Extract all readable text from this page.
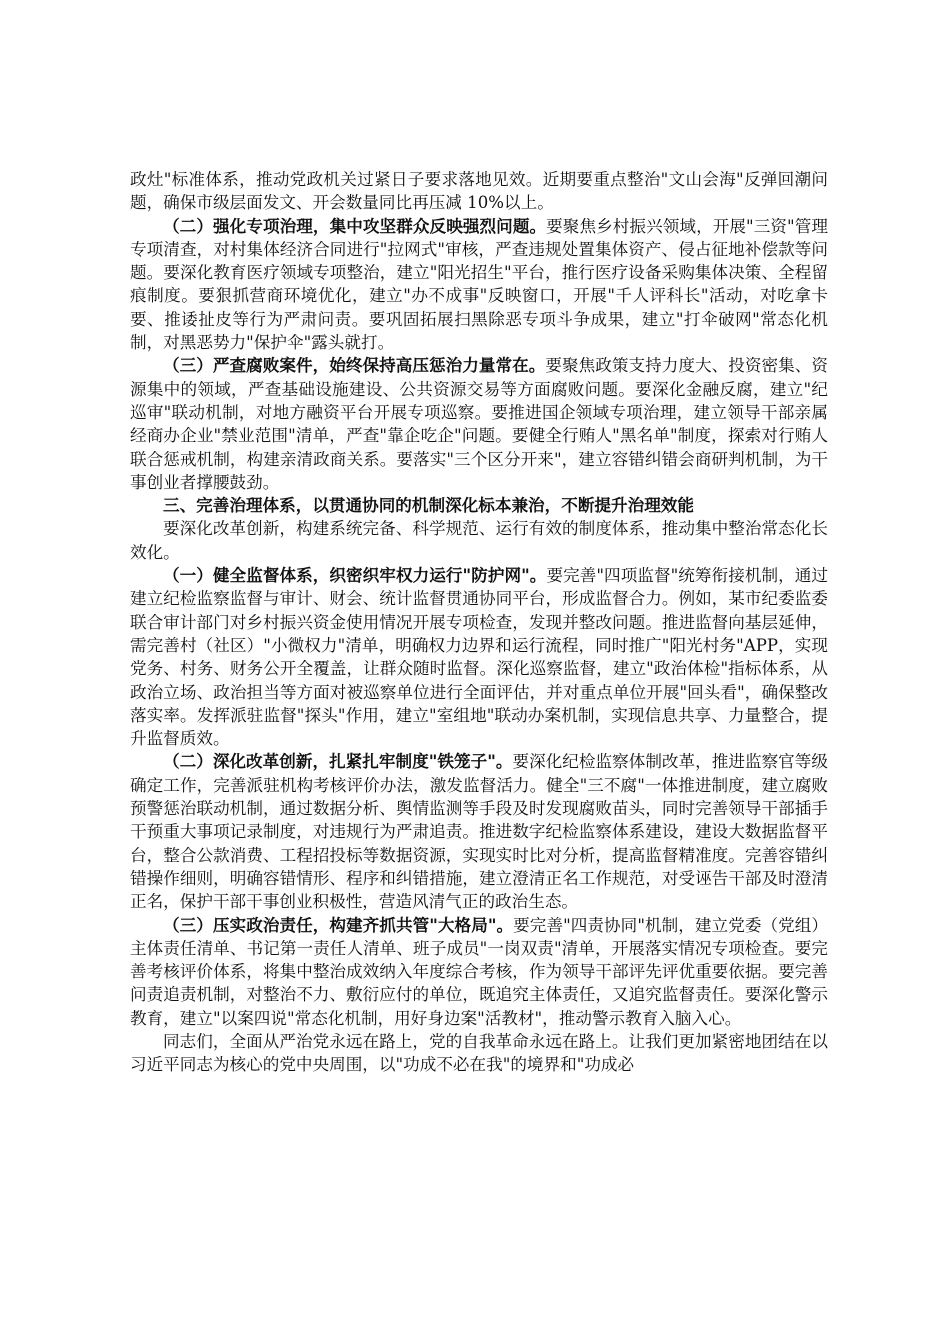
政灶"标准体系，推动党政机关过紧日子要求落地见效。近期要重点整治"文山会海"反弹回潮问题，确保市级层面发文、开会数量同比再压减 10%以上。

（二）强化专项治理，集中攻坚群众反映强烈问题。要聚焦乡村振兴领域，开展"三资"管理专项清查，对村集体经济合同进行"拉网式"审核，严查违规处置集体资产、侵占征地补偿款等问题。要深化教育医疗领域专项整治，建立"阳光招生"平台，推行医疗设备采购集体决策、全程留痕制度。要狠抓营商环境优化，建立"办不成事"反映窗口，开展"千人评科长"活动，对吃拿卡要、推诿扯皮等行为严肃问责。要巩固拓展扫黑除恶专项斗争成果，建立"打伞破网"常态化机制，对黑恶势力"保护伞"露头就打。

（三）严查腐败案件，始终保持高压惩治力量常在。要聚焦政策支持力度大、投资密集、资源集中的领域，严查基础设施建设、公共资源交易等方面腐败问题。要深化金融反腐，建立"纪巡审"联动机制，对地方融资平台开展专项巡察。要推进国企领域专项治理，建立领导干部亲属经商办企业"禁业范围"清单，严查"靠企吃企"问题。要健全行贿人"黑名单"制度，探索对行贿人联合惩戒机制，构建亲清政商关系。要落实"三个区分开来"，建立容错纠错会商研判机制，为干事创业者撑腰鼓劲。

三、完善治理体系，以贯通协同的机制深化标本兼治，不断提升治理效能

要深化改革创新，构建系统完备、科学规范、运行有效的制度体系，推动集中整治常态化长效化。

（一）健全监督体系，织密织牢权力运行"防护网"。要完善"四项监督"统筹衔接机制，通过建立纪检监察监督与审计、财会、统计监督贯通协同平台，形成监督合力。例如，某市纪委监委联合审计部门对乡村振兴资金使用情况开展专项检查，发现并整改问题。推进监督向基层延伸，需完善村（社区）"小微权力"清单，明确权力边界和运行流程，同时推广"阳光村务"APP，实现党务、村务、财务公开全覆盖，让群众随时监督。深化巡察监督，建立"政治体检"指标体系，从政治立场、政治担当等方面对被巡察单位进行全面评估，并对重点单位开展"回头看"，确保整改落实率。发挥派驻监督"探头"作用，建立"室组地"联动办案机制，实现信息共享、力量整合，提升监督质效。

（二）深化改革创新，扎紧扎牢制度"铁笼子"。要深化纪检监察体制改革，推进监察官等级确定工作，完善派驻机构考核评价办法，激发监督活力。健全"三不腐"一体推进制度，建立腐败预警惩治联动机制，通过数据分析、舆情监测等手段及时发现腐败苗头，同时完善领导干部插手干预重大事项记录制度，对违规行为严肃追责。推进数字纪检监察体系建设，建设大数据监督平台，整合公款消费、工程招投标等数据资源，实现实时比对分析，提高监督精准度。完善容错纠错操作细则，明确容错情形、程序和纠错措施，建立澄清正名工作规范，对受诬告干部及时澄清正名，保护干部干事创业积极性，营造风清气正的政治生态。

（三）压实政治责任，构建齐抓共管"大格局"。要完善"四责协同"机制，建立党委（党组）主体责任清单、书记第一责任人清单、班子成员"一岗双责"清单，开展落实情况专项检查。要完善考核评价体系，将集中整治成效纳入年度综合考核，作为领导干部评先评优重要依据。要完善问责追责机制，对整治不力、敷衍应付的单位，既追究主体责任，又追究监督责任。要深化警示教育，建立"以案四说"常态化机制，用好身边案"活教材"，推动警示教育入脑入心。

同志们，全面从严治党永远在路上，党的自我革命永远在路上。让我们更加紧密地团结在以习近平同志为核心的党中央周围，以"功成不必在我"的境界和"功成必
